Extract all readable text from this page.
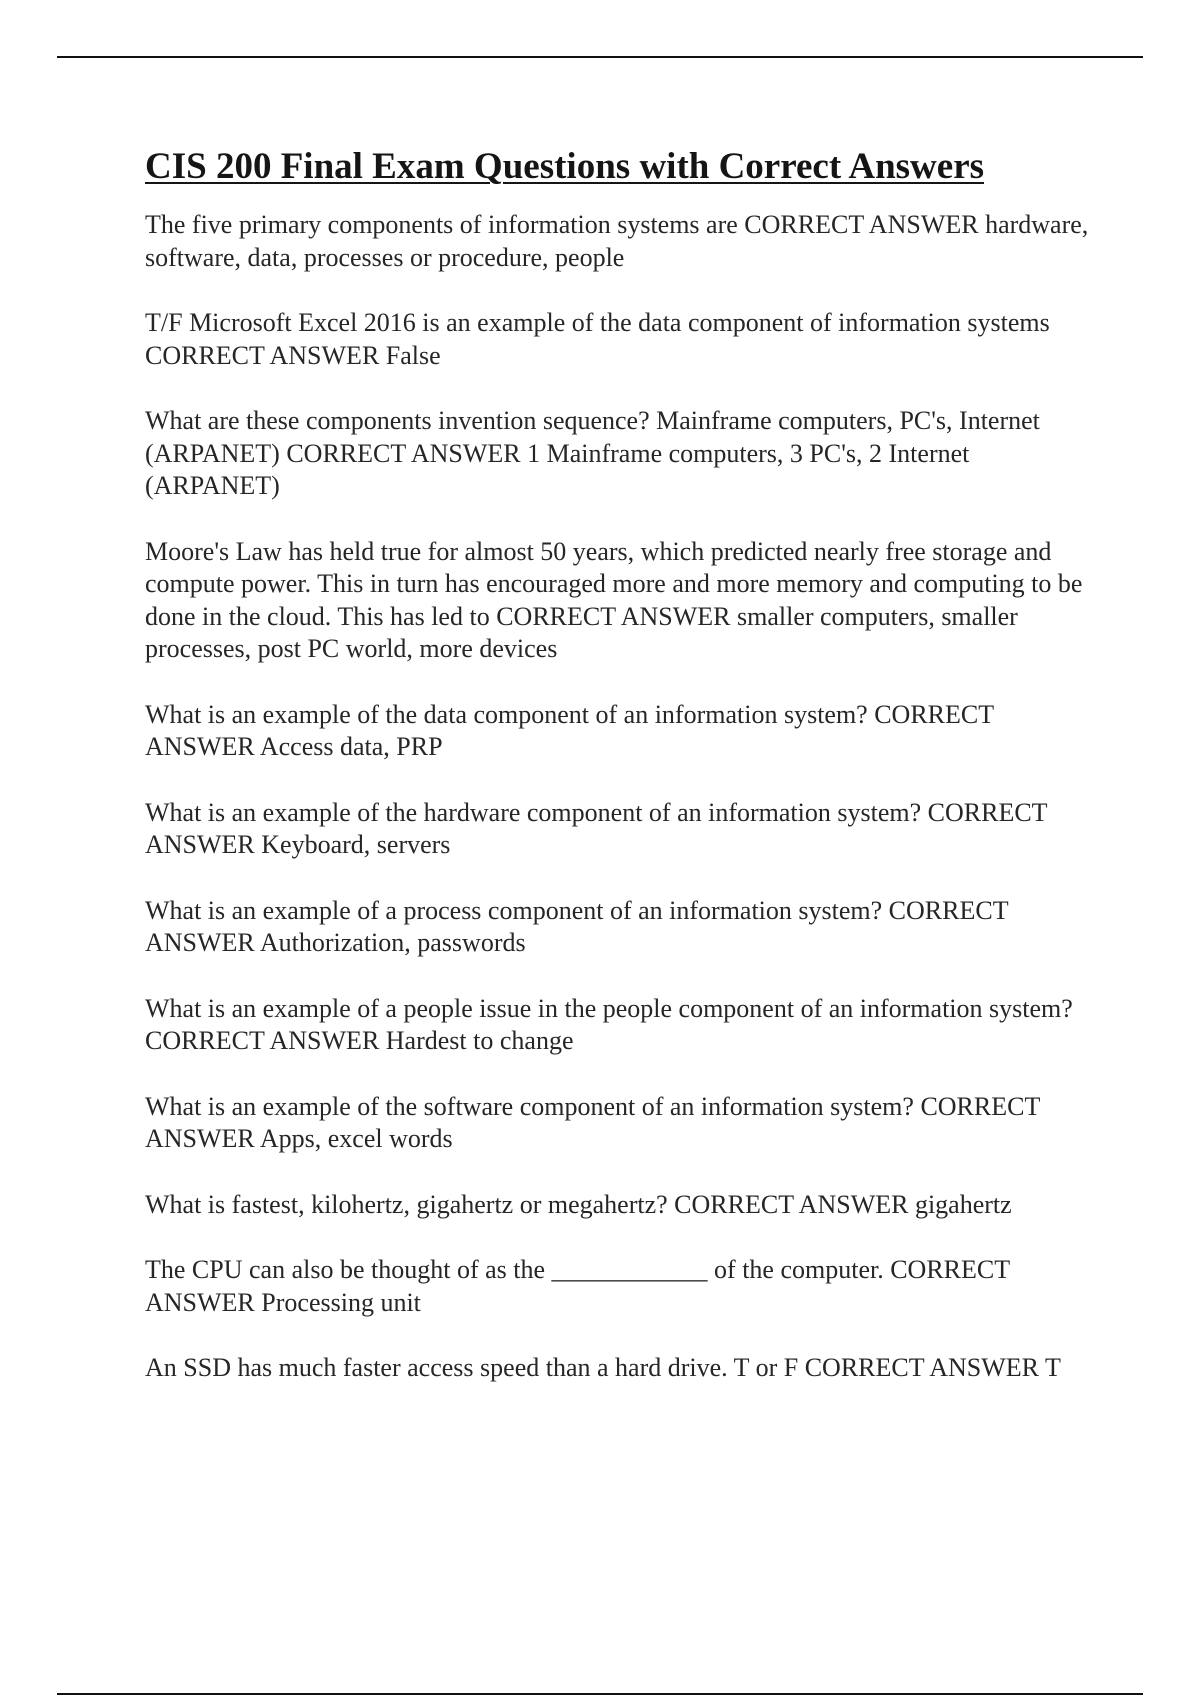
CIS 200 Final Exam Questions with Correct Answers

The five primary components of information systems are CORRECT ANSWER hardware, software, data, processes or procedure, people

T/F Microsoft Excel 2016 is an example of the data component of information systems CORRECT ANSWER False

What are these components invention sequence? Mainframe computers, PC's, Internet (ARPANET) CORRECT ANSWER 1 Mainframe computers, 3 PC's, 2 Internet (ARPANET)

Moore's Law has held true for almost 50 years, which predicted nearly free storage and compute power. This in turn has encouraged more and more memory and computing to be done in the cloud. This has led to CORRECT ANSWER smaller computers, smaller processes, post PC world, more devices

What is an example of the data component of an information system? CORRECT ANSWER Access data, PRP

What is an example of the hardware component of an information system? CORRECT ANSWER Keyboard, servers

What is an example of a process component of an information system? CORRECT ANSWER Authorization, passwords

What is an example of a people issue in the people component of an information system? CORRECT ANSWER Hardest to change

What is an example of the software component of an information system? CORRECT ANSWER Apps, excel words

What is fastest, kilohertz, gigahertz or megahertz? CORRECT ANSWER gigahertz

The CPU can also be thought of as the ____________ of the computer. CORRECT ANSWER Processing unit

An SSD has much faster access speed than a hard drive. T or F CORRECT ANSWER T
